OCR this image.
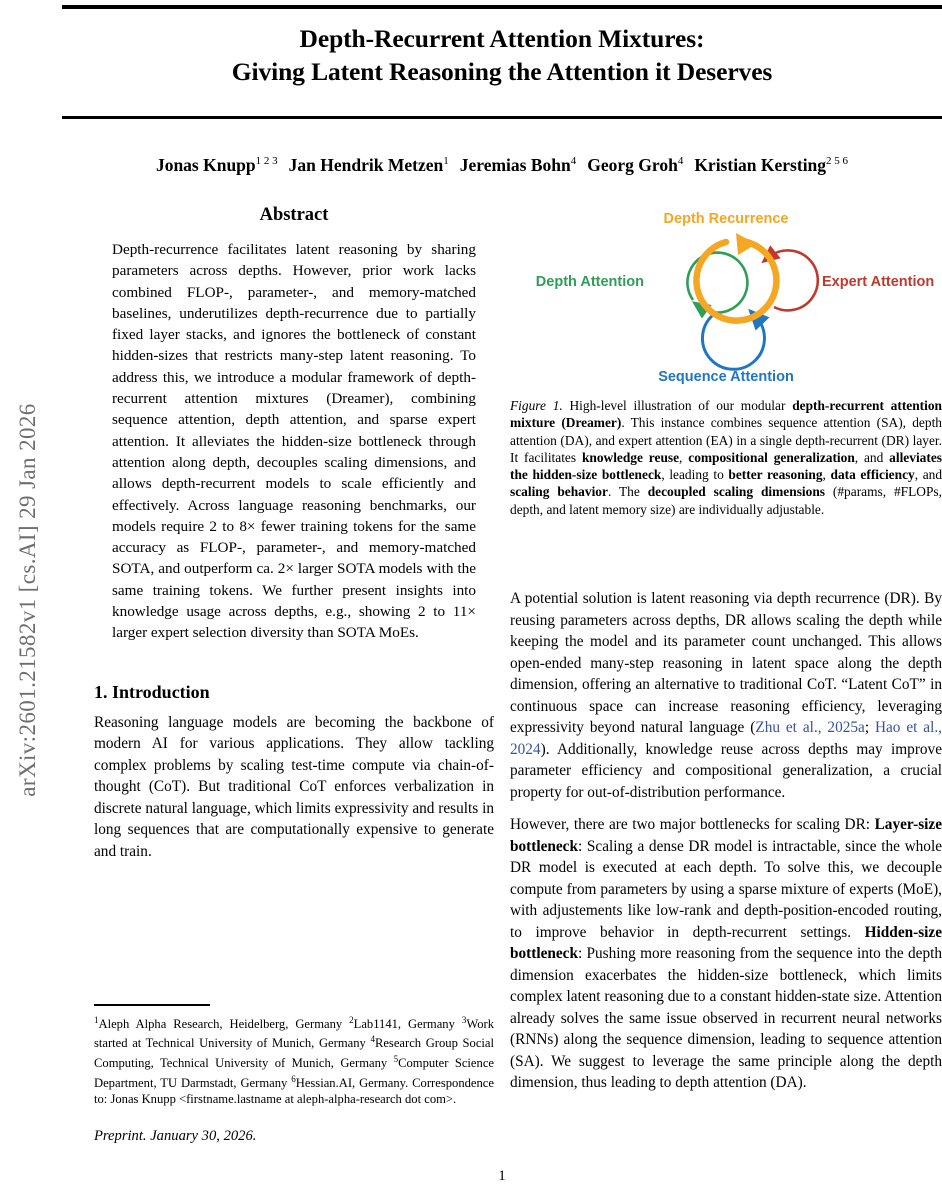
arXiv:2601.21582v1 [cs.AI] 29 Jan 2026
Depth-Recurrent Attention Mixtures:
Giving Latent Reasoning the Attention it Deserves
Jonas Knupp$^{1 2 3}$ Jan Hendrik Metzen$^1$ Jeremias Bohn$^4$ Georg Groh$^4$ Kristian Kersting$^{2 5 6}$
Abstract
Depth-recurrence facilitates latent reasoning by sharing parameters across depths. However, prior work lacks combined FLOP-, parameter-, and memory-matched baselines, underutilizes depth-recurrence due to partially fixed layer stacks, and ignores the bottleneck of constant hidden-sizes that restricts many-step latent reasoning. To address this, we introduce a modular framework of depth-recurrent attention mixtures (Dreamer), combining sequence attention, depth attention, and sparse expert attention. It alleviates the hidden-size bottleneck through attention along depth, decouples scaling dimensions, and allows depth-recurrent models to scale efficiently and effectively. Across language reasoning benchmarks, our models require 2 to 8× fewer training tokens for the same accuracy as FLOP-, parameter-, and memory-matched SOTA, and outperform ca. 2× larger SOTA models with the same training tokens. We further present insights into knowledge usage across depths, e.g., showing 2 to 11× larger expert selection diversity than SOTA MoEs.
1. Introduction
Reasoning language models are becoming the backbone of modern AI for various applications. They allow tackling complex problems by scaling test-time compute via chain-of-thought (CoT). But traditional CoT enforces verbalization in discrete natural language, which limits expressivity and results in long sequences that are computationally expensive to generate and train.
$^1$Aleph Alpha Research, Heidelberg, Germany $^2$Lab1141, Germany $^3$Work started at Technical University of Munich, Germany $^4$Research Group Social Computing, Technical University of Munich, Germany $^5$Computer Science Department, TU Darmstadt, Germany $^6$Hessian.AI, Germany. Correspondence to: Jonas Knupp <firstname.lastname at aleph-alpha-research dot com>.
Preprint. January 30, 2026.
Depth Recurrence
Depth Attention	Expert Attention
Sequence Attention
Figure 1. High-level illustration of our modular depth-recurrent attention mixture (Dreamer). This instance combines sequence attention (SA), depth attention (DA), and expert attention (EA) in a single depth-recurrent (DR) layer. It facilitates knowledge reuse, compositional generalization, and alleviates the hidden-size bottleneck, leading to better reasoning, data efficiency, and scaling behavior. The decoupled scaling dimensions (#params, #FLOPs, depth, and latent memory size) are individually adjustable.
A potential solution is latent reasoning via depth recurrence (DR). By reusing parameters across depths, DR allows scaling the depth while keeping the model and its parameter count unchanged. This allows open-ended many-step reasoning in latent space along the depth dimension, offering an alternative to traditional CoT. “Latent CoT” in continuous space can increase reasoning efficiency, leveraging expressivity beyond natural language (Zhu et al., 2025a; Hao et al., 2024). Additionally, knowledge reuse across depths may improve parameter efficiency and compositional generalization, a crucial property for out-of-distribution performance.
However, there are two major bottlenecks for scaling DR: Layer-size bottleneck: Scaling a dense DR model is intractable, since the whole DR model is executed at each depth. To solve this, we decouple compute from parameters by using a sparse mixture of experts (MoE), with adjustements like low-rank and depth-position-encoded routing, to improve behavior in depth-recurrent settings. Hidden-size bottleneck: Pushing more reasoning from the sequence into the depth dimension exacerbates the hidden-size bottleneck, which limits complex latent reasoning due to a constant hidden-state size. Attention already solves the same issue observed in recurrent neural networks (RNNs) along the sequence dimension, leading to sequence attention (SA). We suggest to leverage the same principle along the depth dimension, thus leading to depth attention (DA).
1
